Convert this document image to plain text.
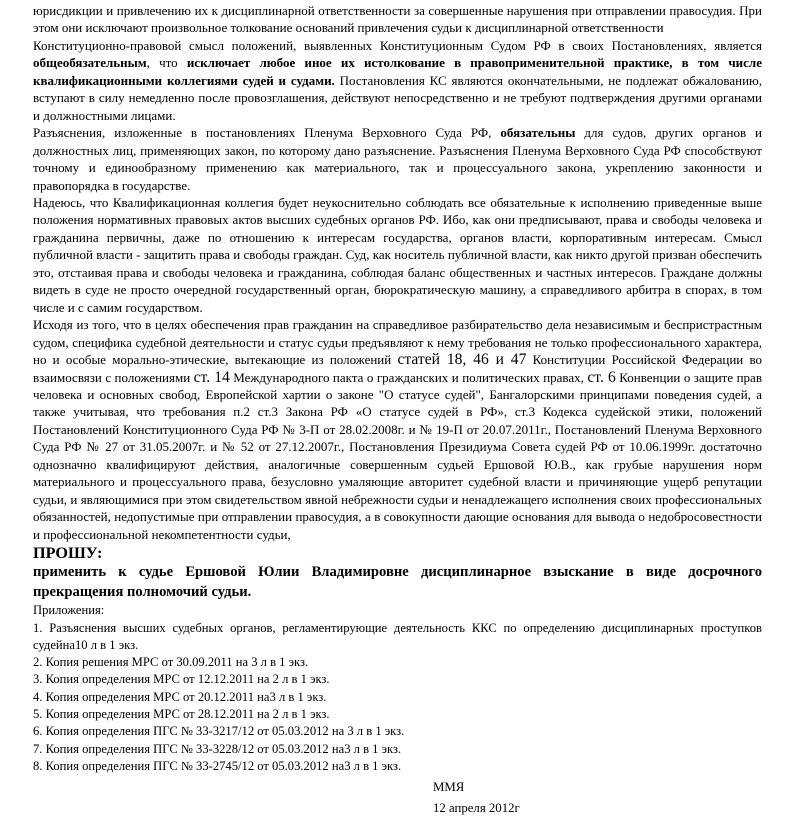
юрисдикции и привлечению их к дисциплинарной ответственности за совершенные нарушения при отправлении правосудия. При этом они исключают произвольное толкование оснований привлечения судьи к дисциплинарной ответственности

Конституционно-правовой смысл положений, выявленных Конституционным Судом РФ в своих Постановлениях, является общеобязательным, что исключает любое иное их истолкование в правоприменительной практике, в том числе квалификационными коллегиями судей и судами. Постановления КС являются окончательными, не подлежат обжалованию, вступают в силу немедленно после провозглашения, действуют непосредственно и не требуют подтверждения другими органами и должностными лицами.

Разъяснения, изложенные в постановлениях Пленума Верховного Суда РФ, обязательны для судов, других органов и должностных лиц, применяющих закон, по которому дано разъяснение. Разъяснения Пленума Верховного Суда РФ способствуют точному и единообразному применению как материального, так и процессуального закона, укреплению законности и правопорядка в государстве.

Надеюсь, что Квалификационная коллегия будет неукоснительно соблюдать все обязательные к исполнению приведенные выше положения нормативных правовых актов высших судебных органов РФ. Ибо, как они предписывают, права и свободы человека и гражданина первичны, даже по отношению к интересам государства, органов власти, корпоративным интересам. Смысл публичной власти - защитить права и свободы граждан. Суд, как носитель публичной власти, как никто другой призван обеспечить это, отстаивая права и свободы человека и гражданина, соблюдая баланс общественных и частных интересов. Граждане должны видеть в суде не просто очередной государственный орган, бюрократическую машину, а справедливого арбитра в спорах, в том числе и с самим государством.

Исходя из того, что в целях обеспечения прав гражданин на справедливое разбирательство дела независимым и беспристрастным судом, специфика судебной деятельности и статус судьи предъявляют к нему требования не только профессионального характера, но и особые морально-этические, вытекающие из положений статей 18, 46 и 47 Конституции Российской Федерации во взаимосвязи с положениями ст. 14 Международного пакта о гражданских и политических правах, ст. 6 Конвенции о защите прав человека и основных свобод, Европейской хартии о законе "О статусе судей", Бангалорскими принципами поведения судей, а также учитывая, что требования п.2 ст.3 Закона РФ «О статусе судей в РФ», ст.3 Кодекса судейской этики, положений Постановлений Конституционного Суда РФ № 3-П от 28.02.2008г. и № 19-П от 20.07.2011г., Постановлений Пленума Верховного Суда РФ № 27 от 31.05.2007г. и № 52 от 27.12.2007г., Постановления Президиума Совета судей РФ от 10.06.1999г. достаточно однозначно квалифицируют действия, аналогичные совершенным судьей Ершовой Ю.В., как грубые нарушения норм материального и процессуального права, безусловно умаляющие авторитет судебной власти и причиняющие ущерб репутации судьи, и являющимися при этом свидетельством явной небрежности судьи и ненадлежащего исполнения своих профессиональных обязанностей, недопустимые при отправлении правосудия, а в совокупности дающие основания для вывода о недобросовестности и профессиональной некомпетентности судьи,

ПРОШУ:

применить к судье Ершовой Юлии Владимировне дисциплинарное взыскание в виде досрочного прекращения полномочий судьи.

Приложения:

1. Разъяснения высших судебных органов, регламентирующие деятельность ККС по определению дисциплинарных проступков судейна10 л в 1 экз.

2. Копия решения МРС от 30.09.2011 на 3 л в 1 экз.

3. Копия определения МРС от 12.12.2011 на 2 л в 1 экз.

4. Копия определения МРС от 20.12.2011 на3 л в 1 экз.

5. Копия определения МРС от 28.12.2011 на 2 л в 1 экз.

6. Копия определения ПГС № 33-3217/12 от 05.03.2012 на 3 л в 1 экз.

7. Копия определения ПГС № 33-3228/12 от 05.03.2012 на3 л в 1 экз.

8. Копия определения ПГС № 33-2745/12 от 05.03.2012 на3 л в 1 экз.

ММЯ
12 апреля 2012г
